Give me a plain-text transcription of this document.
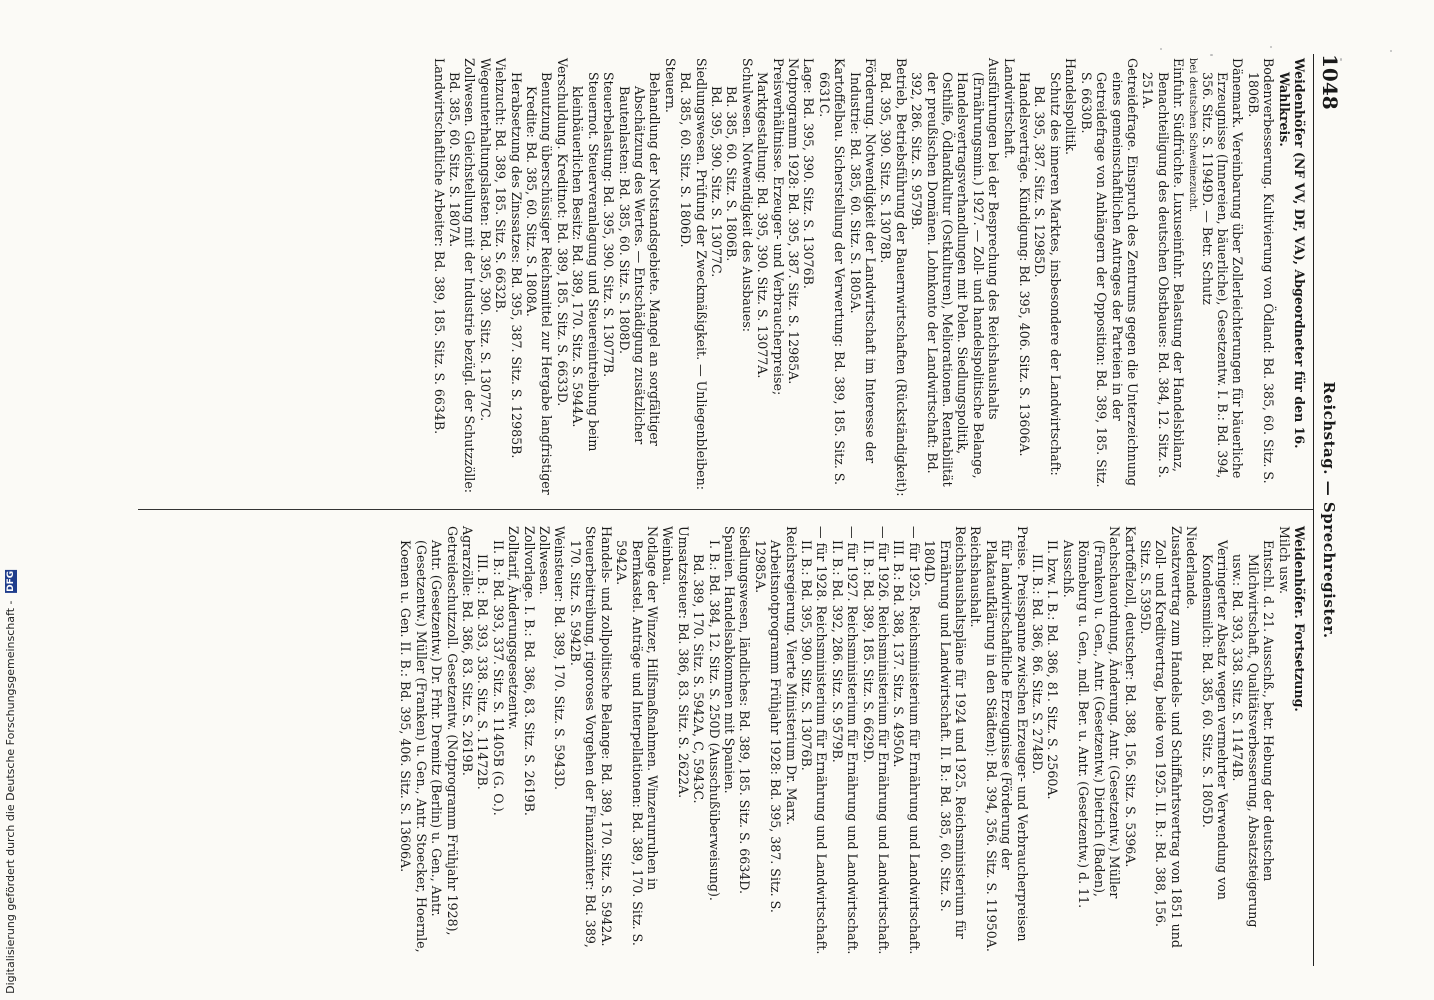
1048
Reichstag. — Sprechregister.

Weidenhöfer (NF VV, DF, VA), Abgeordneter für den 16. Wahlkreis.

Bodenverbesserung. Kultivierung von Ödland: Bd. 385, 60. Sitz. S. 1806B.

Dänemark. Vereinbarung über Zollerleichterungen für bäuerliche Erzeugnisse (Innereien, bäuerliche), Gesetzentw. I. B.: Bd. 394, 356. Sitz. S. 11949D. — Betr. Schutz

bei deutschen Schweinezucht.

Einfuhr. Südfrüchte. Luxuseinfuhr. Belastung der Handelsbilanz, Benachteiligung des deutschen Obstbaues: Bd. 384, 12. Sitz. S. 251A.

Getreidefrage. Einspruch des Zentrums gegen die Unterzeichnung eines gemeinschaftlichen Antrages der Parteien in der Getreidefrage von Anhängern der Opposition: Bd. 389, 185. Sitz. S. 6630B.

Handelspolitik.

Schutz des inneren Marktes, insbesondere der Landwirtschaft: Bd. 395, 387. Sitz. S. 12985D.

Handelsverträge. Kündigung: Bd. 395, 406. Sitz. S. 13606A.

Landwirtschaft.

Ausführungen bei der Besprechung des Reichshaushalts (Ernährungsmin.) 1927. — Zoll- und handelspolitische Belange, Handelsvertragsverhandlungen mit Polen. Siedlungspolitik, Osthilfe, Ödlandkultur (Ostkulturen), Meliorationen. Rentabilität der preußischen Domänen. Lohnkonto der Landwirtschaft: Bd. 392, 286. Sitz. S. 9579B.

Betrieb, Betriebsführung der Bauernwirtschaften (Rückständigkeit): Bd. 395, 390. Sitz. S. 13078B.

Förderung. Notwendigkeit der Landwirtschaft im Interesse der Industrie: Bd. 385, 60. Sitz. S. 1805A.

Kartoffelbau. Sicherstellung der Verwertung: Bd. 389, 185. Sitz. S. 6631C.

Lage: Bd. 395, 390. Sitz. S. 13076B.

Notprogramm 1928: Bd. 395, 387. Sitz. S. 12985A.

Preisverhältnisse. Erzeuger- und Verbraucherpreise; Marktgestaltung: Bd. 395, 390. Sitz. S. 13077A.

Schulwesen. Notwendigkeit des Ausbaues:

Bd. 385, 60. Sitz. S. 1806B.

Bd. 395, 390. Sitz. S. 13077C.

Siedlungswesen. Prüfung der Zweckmäßigkeit. — Unliegenbleiben: Bd. 385, 60. Sitz. S. 1806D.

Steuern.

Behandlung der Notstandsgebiete. Mangel an sorgfältiger Abschätzung des Wertes. — Entschädigung zusätzlicher Bautenlasten: Bd. 385, 60. Sitz. S. 1808D.

Steuerbelastung: Bd. 395, 390. Sitz. S. 13077B.

Steuernot. Steuerveranlagung und Steuereintreibung beim kleinbäuerlichen Besitz: Bd. 389, 170. Sitz. S. 5944A.

Verschuldung. Kreditnot: Bd. 389, 185. Sitz. S. 6633D.

Benutzung überschüssiger Reichsmittel zur Hergabe langfristiger Kredite: Bd. 385, 60. Sitz. S. 1808A.

Herabsetzung des Zinssatzes: Bd. 395, 387. Sitz. S. 12985B.

Viehzucht: Bd. 389, 185. Sitz. S. 6632B.

Wegeunterhaltungslasten: Bd. 395, 390. Sitz. S. 13077C.

Zollwesen. Gleichstellung mit der Industrie bezügl. der Schutzzölle: Bd. 385, 60. Sitz. S. 1807A.

Landwirtschaftliche Arbeiter: Bd. 389, 185. Sitz. S. 6634B.

Weidenhöfer. Fortsetzung.

Milch usw.

Entschl. d. 21. Ausschß., betr. Hebung der deutschen Milchwirtschaft, Qualitätsverbesserung, Absatzsteigerung usw.: Bd. 393, 338. Sitz. S. 11474B.

Verringerter Absatz wegen vermehrter Verwendung von Kondensmilch: Bd. 385, 60. Sitz. S. 1805D.

Niederlande.

Zusatzvertrag zum Handels- und Schiffahrtsvertrag von 1851 und Zoll- und Kreditvertrag, beide von 1925. II. B.: Bd. 388, 156. Sitz. S. 5395D.

Kartoffelzoll, deutscher: Bd. 388, 156. Sitz. S. 5396A.

Nachschauordnung, Änderung. Antr. (Gesetzentw.) Müller (Franken) u. Gen., Antr. (Gesetzentw.) Dietrich (Baden), Rönneburg u. Gen., mdl. Ber. u. Antr. (Gesetzentw.) d. 11. Ausschß.

II. bzw. I. B.: Bd. 386, 81. Sitz. S. 2560A.

III. B.: Bd. 386, 86. Sitz. S. 2748D.

Preise. Preisspanne zwischen Erzeuger- und Verbraucherpreisen für landwirtschaftliche Erzeugnisse (Förderung der Plakataufklärung in den Städten): Bd. 394, 356. Sitz. S. 11950A.

Reichshaushalt.

Reichshaushaltspläne für 1924 und 1925. Reichsministerium für Ernährung und Landwirtschaft. II. B.: Bd. 385, 60. Sitz. S. 1804D.

— für 1925. Reichsministerium für Ernährung und Landwirtschaft. III. B.: Bd. 388, 137. Sitz. S. 4950A.

— für 1926. Reichsministerium für Ernährung und Landwirtschaft. II. B.: Bd. 389, 185. Sitz. S. 6629D.

— für 1927. Reichsministerium für Ernährung und Landwirtschaft. II. B.: Bd. 392, 286. Sitz. S. 9579B.

— für 1928. Reichsministerium für Ernährung und Landwirtschaft. II. B.: Bd. 395, 390. Sitz. S. 13076B.

Reichsregierung. Vierte Ministerium Dr. Marx. Arbeitsnotprogramm Frühjahr 1928: Bd. 395, 387. Sitz. S. 12985A.

Siedlungswesen, ländliches: Bd. 389, 185. Sitz. S. 6634D.

Spanien. Handelsabkommen mit Spanien.

I. B.: Bd. 384, 12. Sitz. S. 250D (Ausschußüberweisung).

Bd. 389, 170. Sitz. S. 5942A, C, 5943C.

Umsatzsteuer: Bd. 386, 83. Sitz. S. 2622A.

Weinbau.

Notlage der Winzer, Hilfsmaßnahmen. Winzerunruhen in Bernkastel. Anträge und Interpellationen: Bd. 389, 170. Sitz. S. 5942A.

Handels- und zollpolitische Belange: Bd. 389, 170. Sitz. S. 5942A.

Steuerbeitreibung, rigoroses Vorgehen der Finanzämter: Bd. 389, 170. Sitz. S. 5942B.

Weinsteuer: Bd. 389, 170. Sitz. S. 5943D.

Zollwesen.

Zollvorlage. I. B.: Bd. 386, 83. Sitz. S. 2619B.

Zolltarif, Änderungsgesetzentw.

II. B.: Bd. 393, 337. Sitz. S. 11405B (G. O.).

III. B.: Bd. 393, 338. Sitz. S. 11472B.

Agrarzölle: Bd. 386, 83. Sitz. S. 2619B.

Getreideschutzzoll. Gesetzentw. (Notprogramm Frühjahr 1928), Antr. (Gesetzentw.) Dr. Frhr. Dremitz (Berlin) u. Gen., Antr. (Gesetzentw.) Müller (Franken) u. Gen., Antr. Stoecker, Hoernle, Koenen u. Gen. II. B.: Bd. 395, 406. Sitz. S. 13606A.

Digitalisierung gefördert durch die Deutsche Forschungsgemeinschaft - DFG
